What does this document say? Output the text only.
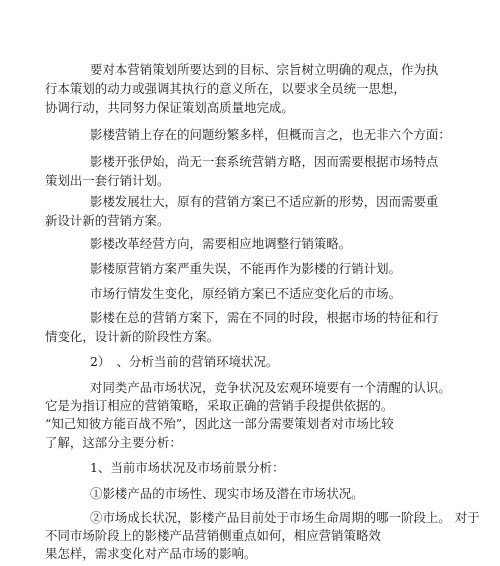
要对本营销策划所要达到的目标、宗旨树立明确的观点，作为执
行本策划的动力或强调其执行的意义所在，以要求全员统一思想，
协调行动，共同努力保证策划高质量地完成。
影楼营销上存在的问题纷繁多样，但概而言之，也无非六个方面：
影楼开张伊始，尚无一套系统营销方略，因而需要根据市场特点
策划出一套行销计划。
影楼发展壮大，原有的营销方案已不适应新的形势，因而需要重
新设计新的营销方案。
影楼改革经营方向，需要相应地调整行销策略。
影楼原营销方案严重失误，不能再作为影楼的行销计划。
市场行情发生变化，原经销方案已不适应变化后的市场。
影楼在总的营销方案下，需在不同的时段，根据市场的特征和行
情变化，设计新的阶段性方案。
2）　、分析当前的营销环境状况。
对同类产品市场状况，竞争状况及宏观环境要有一个清醒的认识。
它是为指订相应的营销策略，采取正确的营销手段提供依据的。
“知己知彼方能百战不殆”，因此这一部分需要策划者对市场比较
了解，这部分主要分析：
1、当前市场状况及市场前景分析：
①影楼产品的市场性、现实市场及潜在市场状况。
②市场成长状况，影楼产品目前处于市场生命周期的哪一阶段上。 对于
不同市场阶段上的影楼产品营销侧重点如何，相应营销策略效
果怎样，需求变化对产品市场的影响。
